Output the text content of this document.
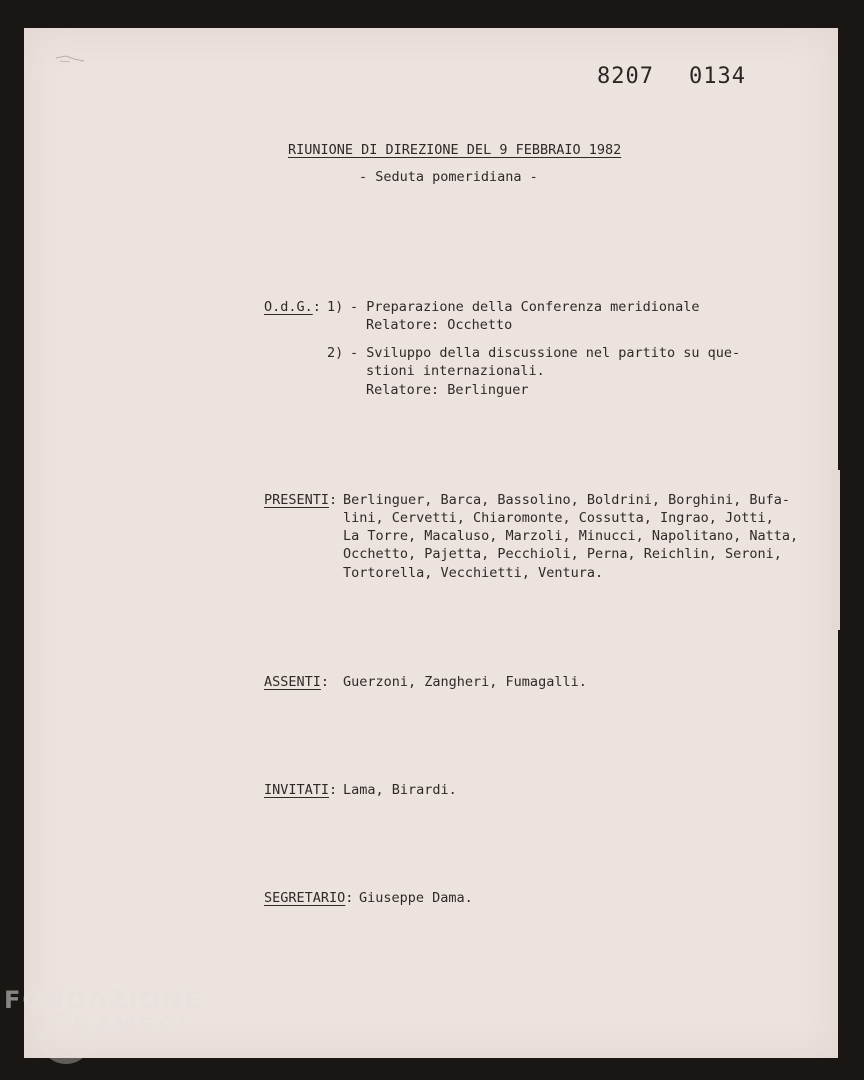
8207 0134
RIUNIONE DI DIREZIONE DEL 9 FEBBRAIO 1982
- Seduta pomeridiana -
O.d.G.: 1) - Preparazione della Conferenza meridionale
Relatore: Occhetto
2) - Sviluppo della discussione nel partito su que-
stioni internazionali.
Relatore: Berlinguer
PRESENTI: Berlinguer, Barca, Bassolino, Boldrini, Borghini, Bufa-
lini, Cervetti, Chiaromonte, Cossutta, Ingrao, Jotti,
La Torre, Macaluso, Marzoli, Minucci, Napolitano, Natta,
Occhetto, Pajetta, Pecchioli, Perna, Reichlin, Seroni,
Tortorella, Vecchietti, Ventura.
ASSENTI: Guerzoni, Zangheri, Fumagalli.
INVITATI: Lama, Birardi.
SEGRETARIO: Giuseppe Dama.
FONDAZIONE
RAMSCI
onlus
